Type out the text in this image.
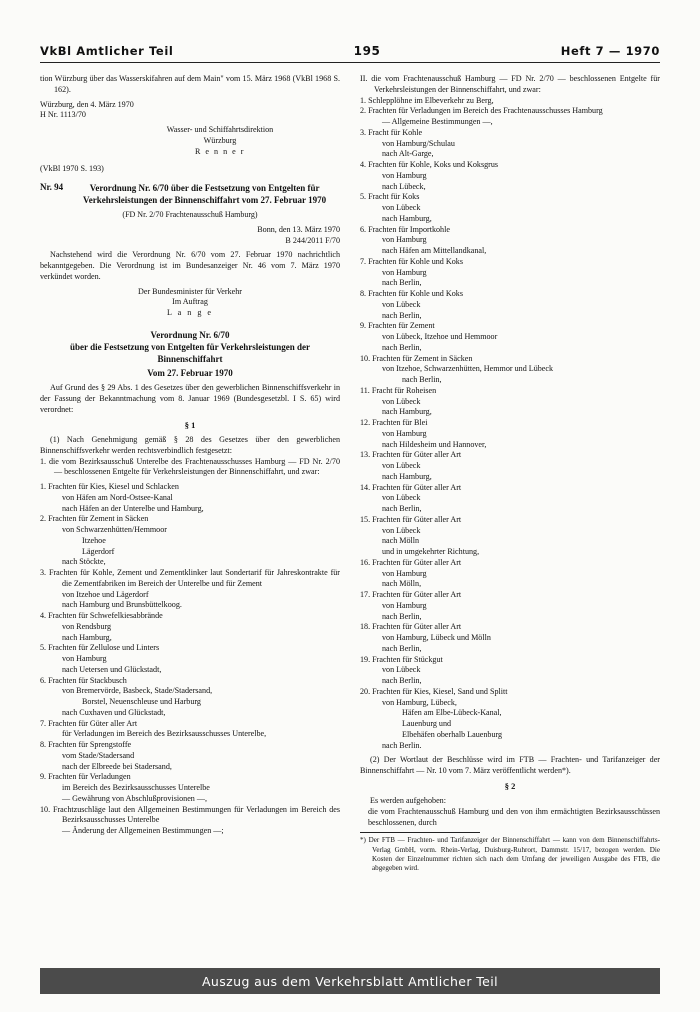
VkBl Amtlicher Teil	195	Heft 7 — 1970

tion Würzburg über das Wasserskifahren auf dem Main" vom 15. März 1968 (VkBl 1968 S. 162).

Würzburg, den 4. März 1970

H Nr. 1113/70

Wasser- und Schiffahrtsdirektion

Würzburg

R e n n e r

(VkBl 1970 S. 193)

Nr. 94	Verordnung Nr. 6/70 über die Festsetzung von Entgelten für Verkehrsleistungen der Binnenschiffahrt vom 27. Februar 1970

(FD Nr. 2/70 Frachtenausschuß Hamburg)

Bonn, den 13. März 1970

B 244/2011 F/70

Nachstehend wird die Verordnung Nr. 6/70 vom 27. Februar 1970 nachrichtlich bekanntgegeben. Die Verordnung ist im Bundesanzeiger Nr. 46 vom 7. März 1970 verkündet worden.

Der Bundesminister für Verkehr

Im Auftrag

L a n g e

Verordnung Nr. 6/70
über die Festsetzung von Entgelten für Verkehrsleistungen der Binnenschiffahrt
Vom 27. Februar 1970

Auf Grund des § 29 Abs. 1 des Gesetzes über den gewerblichen Binnenschiffsverkehr in der Fassung der Bekanntmachung vom 8. Januar 1969 (Bundesgesetzbl. I S. 65) wird verordnet:

§ 1

(1) Nach Genehmigung gemäß § 28 des Gesetzes über den gewerblichen Binnenschiffsverkehr werden rechtsverbindlich festgesetzt:

1. die vom Bezirksausschuß Unterelbe des Frachtenausschusses Hamburg — FD Nr. 2/70 — beschlossenen Entgelte für Verkehrsleistungen der Binnenschiffahrt, und zwar:

1. Frachten für Kies, Kiesel und Schlacken
von Häfen am Nord-Ostsee-Kanal
nach Häfen an der Unterelbe und Hamburg,
2. Frachten für Zement in Säcken
von Schwarzenhütten/Hemmoor
Itzehoe
Lägerdorf
nach Stöckte,
3. Frachten für Kohle, Zement und Zementklinker laut Sondertarif für Jahreskontrakte für die Zementfabriken im Bereich der Unterelbe und für Zement
von Itzehoe und Lägerdorf
nach Hamburg und Brunsbüttelkoog.
4. Frachten für Schwefelkiesabbrände
von Rendsburg
nach Hamburg,
5. Frachten für Zellulose und Linters
von Hamburg
nach Uetersen und Glückstadt,
6. Frachten für Stackbusch
von Bremervörde, Basbeck, Stade/Stadersand,
Borstel, Neuenschleuse und Harburg
nach Cuxhaven und Glückstadt,
7. Frachten für Güter aller Art
für Verladungen im Bereich des Bezirksausschusses Unterelbe,
8. Frachten für Sprengstoffe
vom Stade/Stadersand
nach der Elbreede bei Stadersand,
9. Frachten für Verladungen
im Bereich des Bezirksausschusses Unterelbe
— Gewährung von Abschlußprovisionen —,
10. Frachtzuschläge laut den Allgemeinen Bestimmungen für Verladungen im Bereich des Bezirksausschusses Unterelbe
— Änderung der Allgemeinen Bestimmungen —;

II. die vom Frachtenausschuß Hamburg — FD Nr. 2/70 — beschlossenen Entgelte für Verkehrsleistungen der Binnenschiffahrt, und zwar:

1. Schlepplöhne im Elbeverkehr zu Berg,
2. Frachten für Verladungen im Bereich des Frachtenausschusses Hamburg
— Allgemeine Bestimmungen —,
3. Fracht für Kohle
von Hamburg/Schulau
nach Alt-Garge,
4. Frachten für Kohle, Koks und Koksgrus
von Hamburg
nach Lübeck,
5. Fracht für Koks
von Lübeck
nach Hamburg,
6. Frachten für Importkohle
von Hamburg
nach Häfen am Mittellandkanal,
7. Frachten für Kohle und Koks
von Hamburg
nach Berlin,
8. Frachten für Kohle und Koks
von Lübeck
nach Berlin,
9. Frachten für Zement
von Lübeck, Itzehoe und Hemmoor
nach Berlin,
10. Frachten für Zement in Säcken
von Itzehoe, Schwarzenhütten, Hemmor und Lübeck
nach Berlin,
11. Fracht für Roheisen
von Lübeck
nach Hamburg,
12. Frachten für Blei
von Hamburg
nach Hildesheim und Hannover,
13. Frachten für Güter aller Art
von Lübeck
nach Hamburg,
14. Frachten für Güter aller Art
von Lübeck
nach Berlin,
15. Frachten für Güter aller Art
von Lübeck
nach Mölln
und in umgekehrter Richtung,
16. Frachten für Güter aller Art
von Hamburg
nach Mölln,
17. Frachten für Güter aller Art
von Hamburg
nach Berlin,
18. Frachten für Güter aller Art
von Hamburg, Lübeck und Mölln
nach Berlin,
19. Frachten für Stückgut
von Lübeck
nach Berlin,
20. Frachten für Kies, Kiesel, Sand und Splitt
von Hamburg, Lübeck,
Häfen am Elbe-Lübeck-Kanal,
Lauenburg und
Elbehäfen oberhalb Lauenburg
nach Berlin.

(2) Der Wortlaut der Beschlüsse wird im FTB — Frachten- und Tarifanzeiger der Binnenschiffahrt — Nr. 10 vom 7. März veröffentlicht werden*).

§ 2

Es werden aufgehoben:

die vom Frachtenausschuß Hamburg und den von ihm ermächtigten Bezirksausschüssen beschlossenen, durch

*) Der FTB — Frachten- und Tarifanzeiger der Binnenschiffahrt — kann von dem Binnenschiffahrts-Verlag GmbH, vorm. Rhein-Verlag, Duisburg-Ruhrort, Dammstr. 15/17, bezogen werden. Die Kosten der Einzelnummer richten sich nach dem Umfang der jeweiligen Ausgabe des FTB, die abgegeben wird.

Auszug aus dem Verkehrsblatt Amtlicher Teil
